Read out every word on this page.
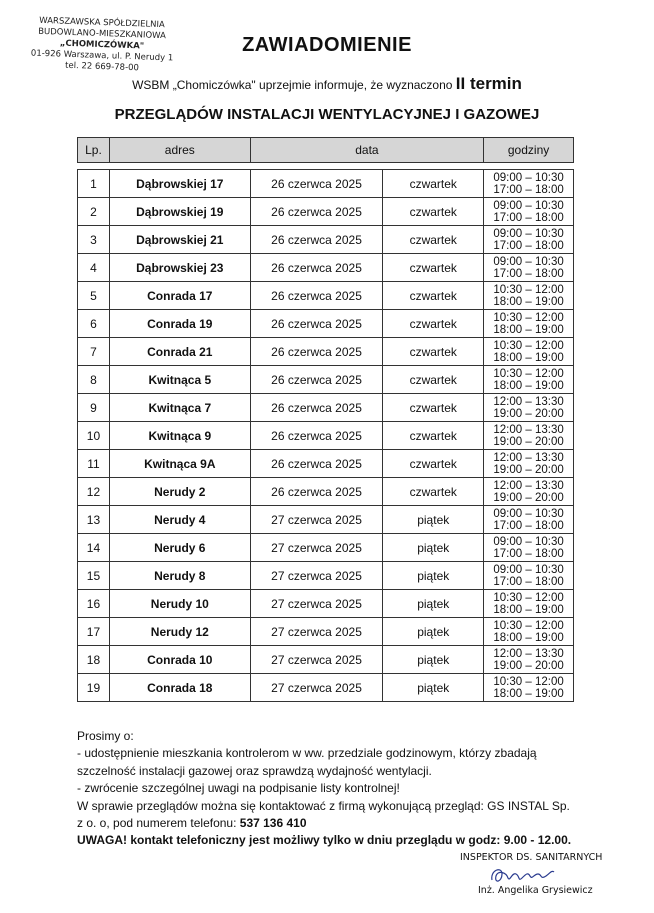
WARSZAWSKA SPÓŁDZIELNIA
BUDOWLANO-MIESZKANIOWA
„CHOMICZÓWKA"
01-926 Warszawa, ul. P. Nerudy 1
tel. 22 669-78-00
ZAWIADOMIENIE
WSBM „Chomiczówka" uprzejmie informuje, że wyznaczono II termin
PRZEGLĄDÓW INSTALACJI WENTYLACYJNEJ I GAZOWEJ
Lp.	adres	data		godziny

1	Dąbrowskiej 17	26 czerwca 2025	czwartek	09:00 – 10:30
17:00 – 18:00

2	Dąbrowskiej 19	26 czerwca 2025	czwartek	09:00 – 10:30
17:00 – 18:00

3	Dąbrowskiej 21	26 czerwca 2025	czwartek	09:00 – 10:30
17:00 – 18:00

4	Dąbrowskiej 23	26 czerwca 2025	czwartek	09:00 – 10:30
17:00 – 18:00

5	Conrada 17	26 czerwca 2025	czwartek	10:30 – 12:00
18:00 – 19:00

6	Conrada 19	26 czerwca 2025	czwartek	10:30 – 12:00
18:00 – 19:00

7	Conrada 21	26 czerwca 2025	czwartek	10:30 – 12:00
18:00 – 19:00

8	Kwitnąca 5	26 czerwca 2025	czwartek	10:30 – 12:00
18:00 – 19:00

9	Kwitnąca 7	26 czerwca 2025	czwartek	12:00 – 13:30
19:00 – 20:00

10	Kwitnąca 9	26 czerwca 2025	czwartek	12:00 – 13:30
19:00 – 20:00

11	Kwitnąca 9A	26 czerwca 2025	czwartek	12:00 – 13:30
19:00 – 20:00

12	Nerudy 2	26 czerwca 2025	czwartek	12:00 – 13:30
19:00 – 20:00

13	Nerudy 4	27 czerwca 2025	piątek	09:00 – 10:30
17:00 – 18:00

14	Nerudy 6	27 czerwca 2025	piątek	09:00 – 10:30
17:00 – 18:00

15	Nerudy 8	27 czerwca 2025	piątek	09:00 – 10:30
17:00 – 18:00

16	Nerudy 10	27 czerwca 2025	piątek	10:30 – 12:00
18:00 – 19:00

17	Nerudy 12	27 czerwca 2025	piątek	10:30 – 12:00
18:00 – 19:00

18	Conrada 10	27 czerwca 2025	piątek	12:00 – 13:30
19:00 – 20:00

19	Conrada 18	27 czerwca 2025	piątek	10:30 – 12:00
18:00 – 19:00

Prosimy o:

- udostępnienie mieszkania kontrolerom w ww. przedziale godzinowym, którzy zbadają

szczelność instalacji gazowej oraz sprawdzą wydajność wentylacji.

- zwrócenie szczególnej uwagi na podpisanie listy kontrolnej!

W sprawie przeglądów można się kontaktować z firmą wykonującą przegląd: GS INSTAL Sp.

z o. o, pod numerem telefonu: 537 136 410

UWAGA! kontakt telefoniczny jest możliwy tylko w dniu przeglądu w godz: 9.00 - 12.00.

INSPEKTOR DS. SANITARNYCH
Inż. Angelika Grysiewicz
